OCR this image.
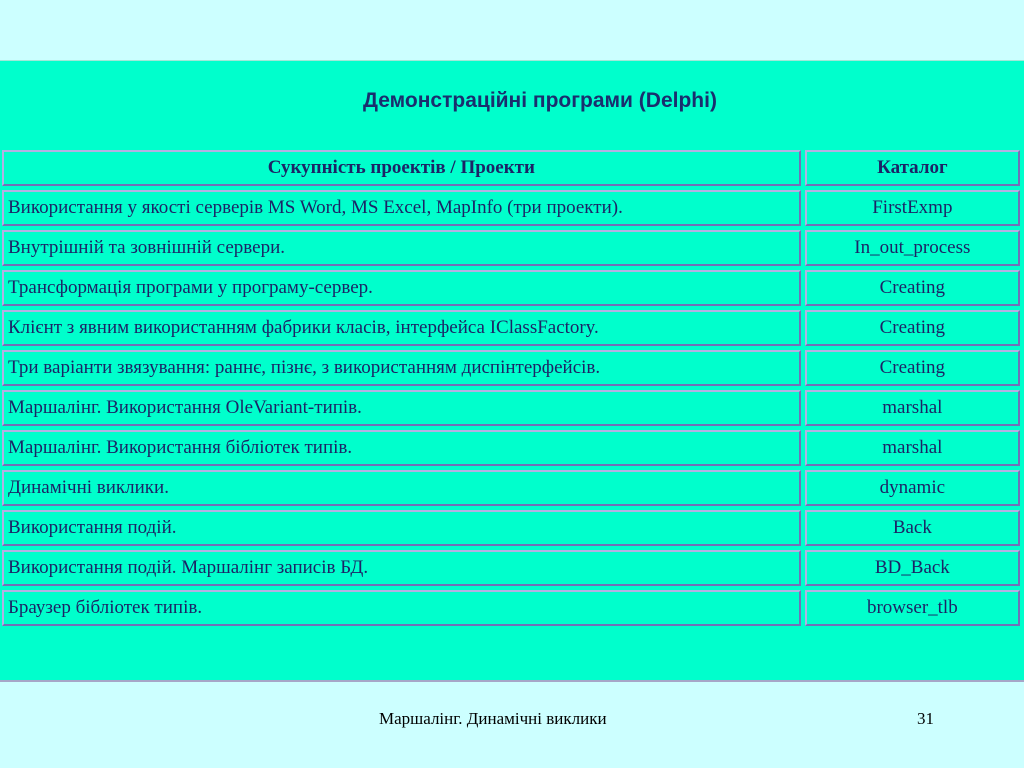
Демонстраційні програми (Delphi)
Сукупність проектів / Проекти	Каталог
Використання у якості серверів MS Word, MS Excel, MapInfo (три проекти).	FirstExmp
Внутрішній та зовнішній сервери.	In_out_process
Трансформація програми у програму-сервер.	Creating
Клієнт з явним використанням фабрики класів, інтерфейса IClassFactory.	Creating
Три варіанти звязування: раннє, пізнє, з використанням диспінтерфейсів.	Creating
Маршалінг. Використання OleVariant-типів.	marshal
Маршалінг. Використання бібліотек типів.	marshal
Динамічні виклики.	dynamic
Використання подій.	Back
Використання подій. Маршалінг записів БД.	BD_Back
Браузер бібліотек типів.	browser_tlb
Маршалінг. Динамічні виклики	31
